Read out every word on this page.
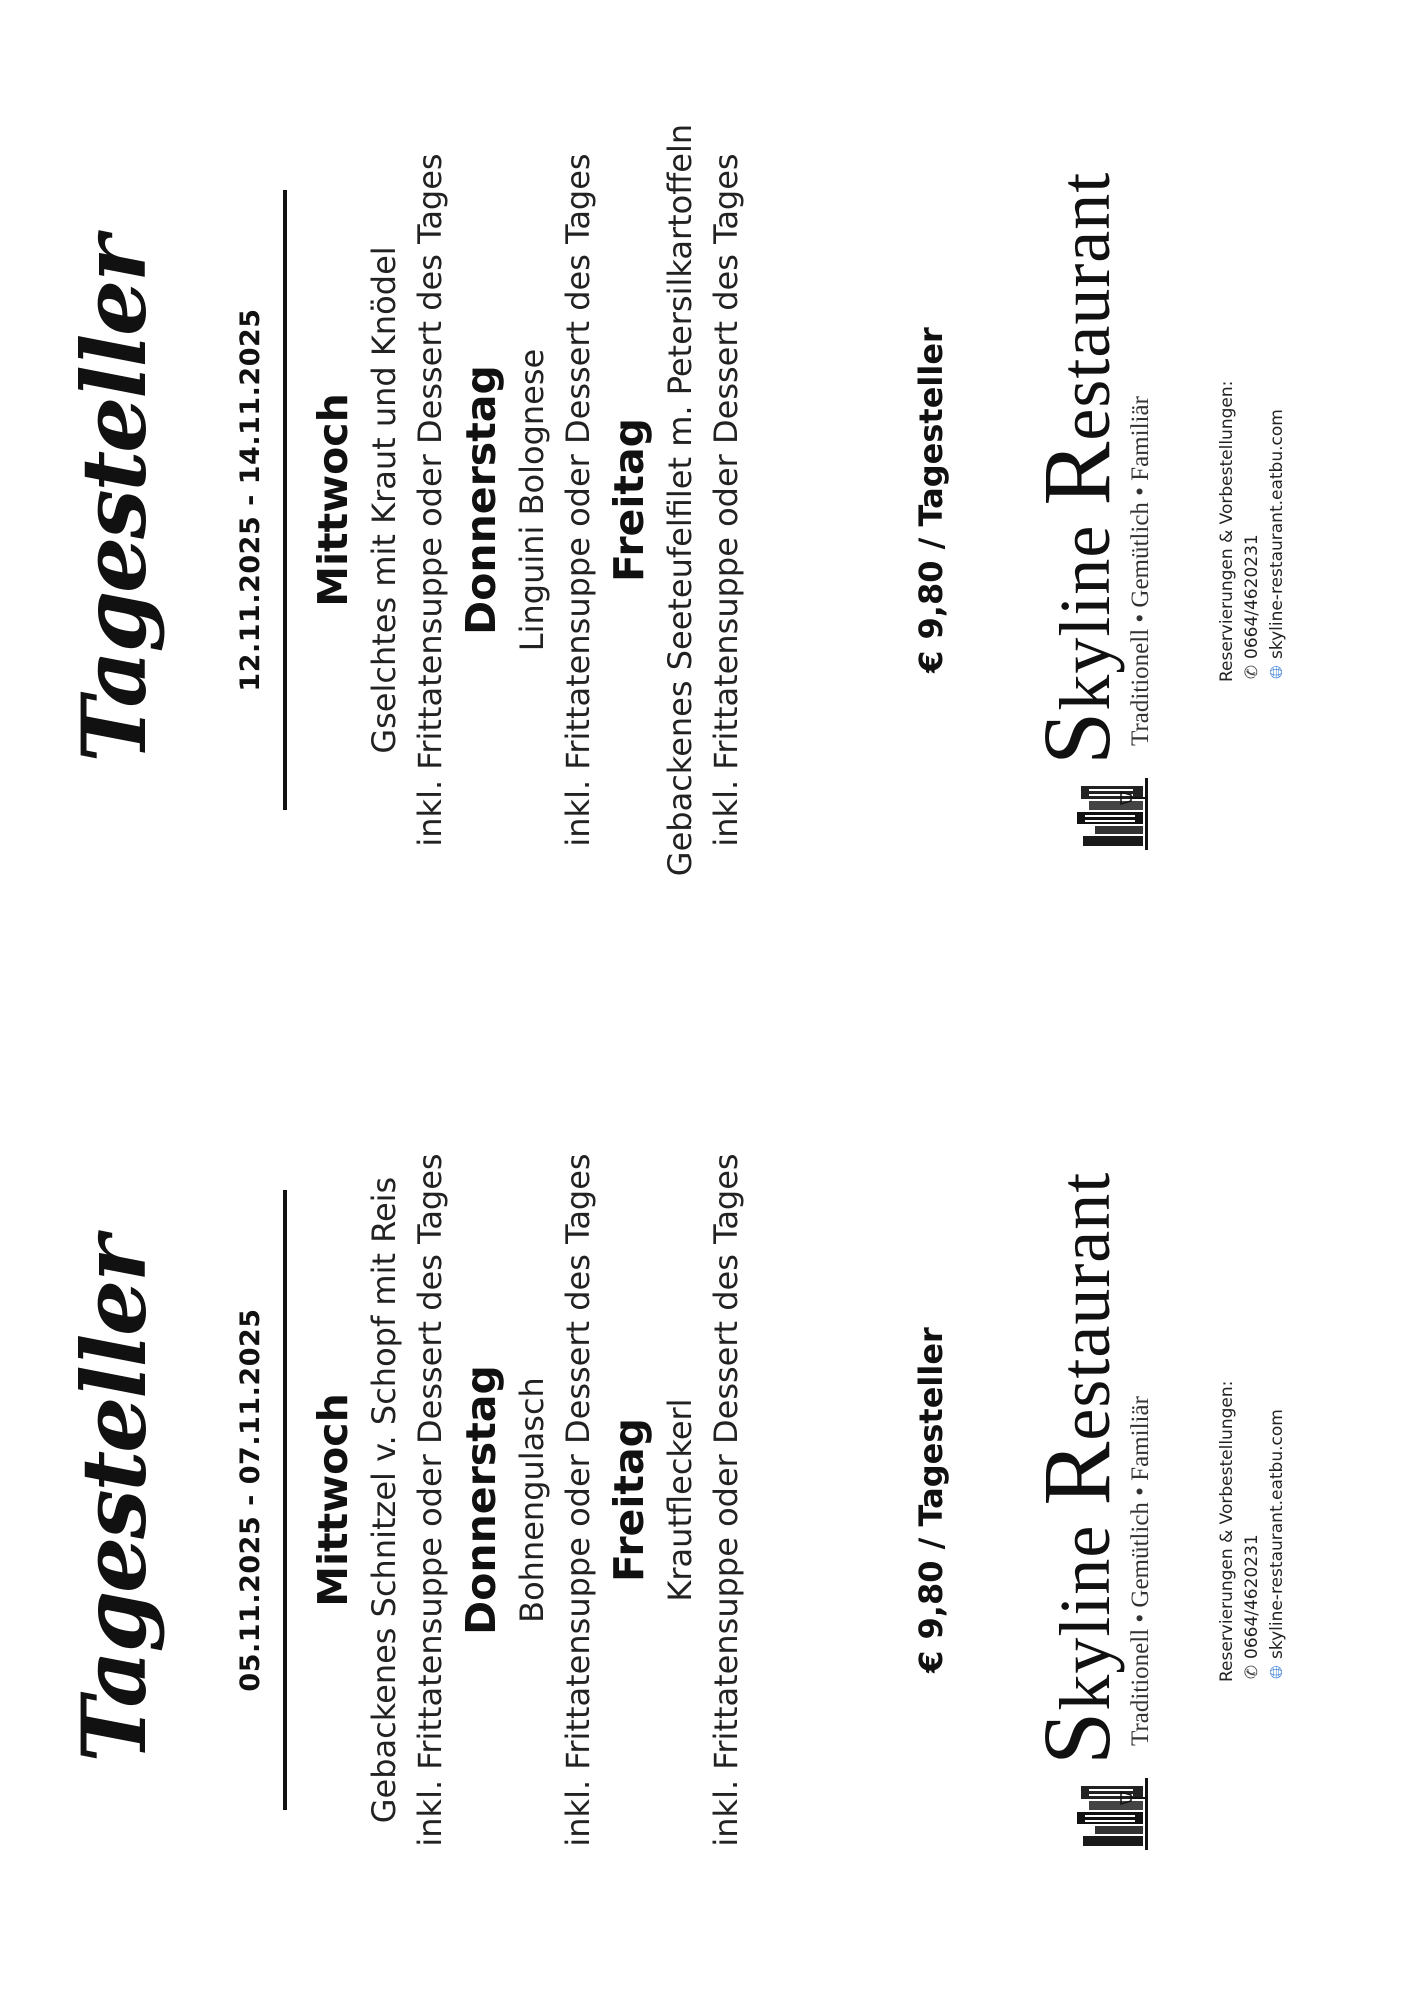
Tagesteller	05.11.2025 - 07.11.2025 Mittwoch Gebackenes Schnitzel v. Schopf mit Reis inkl. Frittatensuppe oder Dessert des Tages Donnerstag Bohnengulasch inkl. Frittatensuppe oder Dessert des Tages Freitag Krautfleckerl inkl. Frittatensuppe oder Dessert des Tages	€ 9,80 / Tagesteller
Skyline Restaurant
Traditionell • Gemütlich • Familiär	Reservierungen & Vorbestellungen: ✆0664/4620231
🌐︎skyline-restaurant.eatbu.com
Tagesteller	12.11.2025 - 14.11.2025 Mittwoch Gselchtes mit Kraut und Knödel inkl. Frittatensuppe oder Dessert des Tages Donnerstag Linguini Bolognese inkl. Frittatensuppe oder Dessert des Tages Freitag Gebackenes Seeteufelfilet m. Petersilkartoffeln inkl. Frittatensuppe oder Dessert des Tages	€ 9,80 / Tagesteller
Skyline Restaurant
Traditionell • Gemütlich • Familiär	Reservierungen & Vorbestellungen: ✆0664/4620231
🌐︎skyline-restaurant.eatbu.com
